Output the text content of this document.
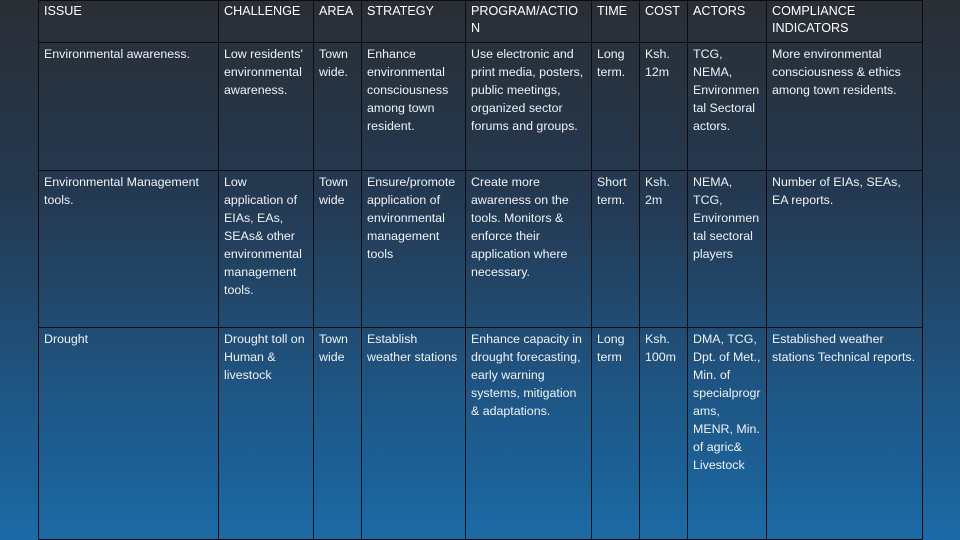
ISSUE	CHALLENGE	AREA	STRATEGY	PROGRAM/ACTIO N	TIME	COST	ACTORS	COMPLIANCE INDICATORS
Environmental awareness.	Low residents' environmental awareness.	Town wide.	Enhance environmental consciousness among town resident.	Use electronic and print media, posters, public meetings, organized sector forums and groups.	Long term.	Ksh. 12m	TCG, NEMA, Environmen tal Sectoral actors.	More environmental consciousness & ethics among town residents.
Environmental Management tools.	Low application of EIAs, EAs, SEAs& other environmental management tools.	Town wide	Ensure/promote application of environmental management tools	Create more awareness on the tools. Monitors & enforce their application where necessary.	Short term.	Ksh. 2m	NEMA, TCG, Environmen tal sectoral players	Number of EIAs, SEAs, EA reports.
Drought	Drought toll on Human & livestock	Town wide	Establish weather stations	Enhance capacity in drought forecasting, early warning systems, mitigation & adaptations.	Long term	Ksh. 100m	DMA, TCG, Dpt. of Met., Min. of specialprogr ams, MENR, Min. of agric& Livestock	Established weather stations Technical reports.
